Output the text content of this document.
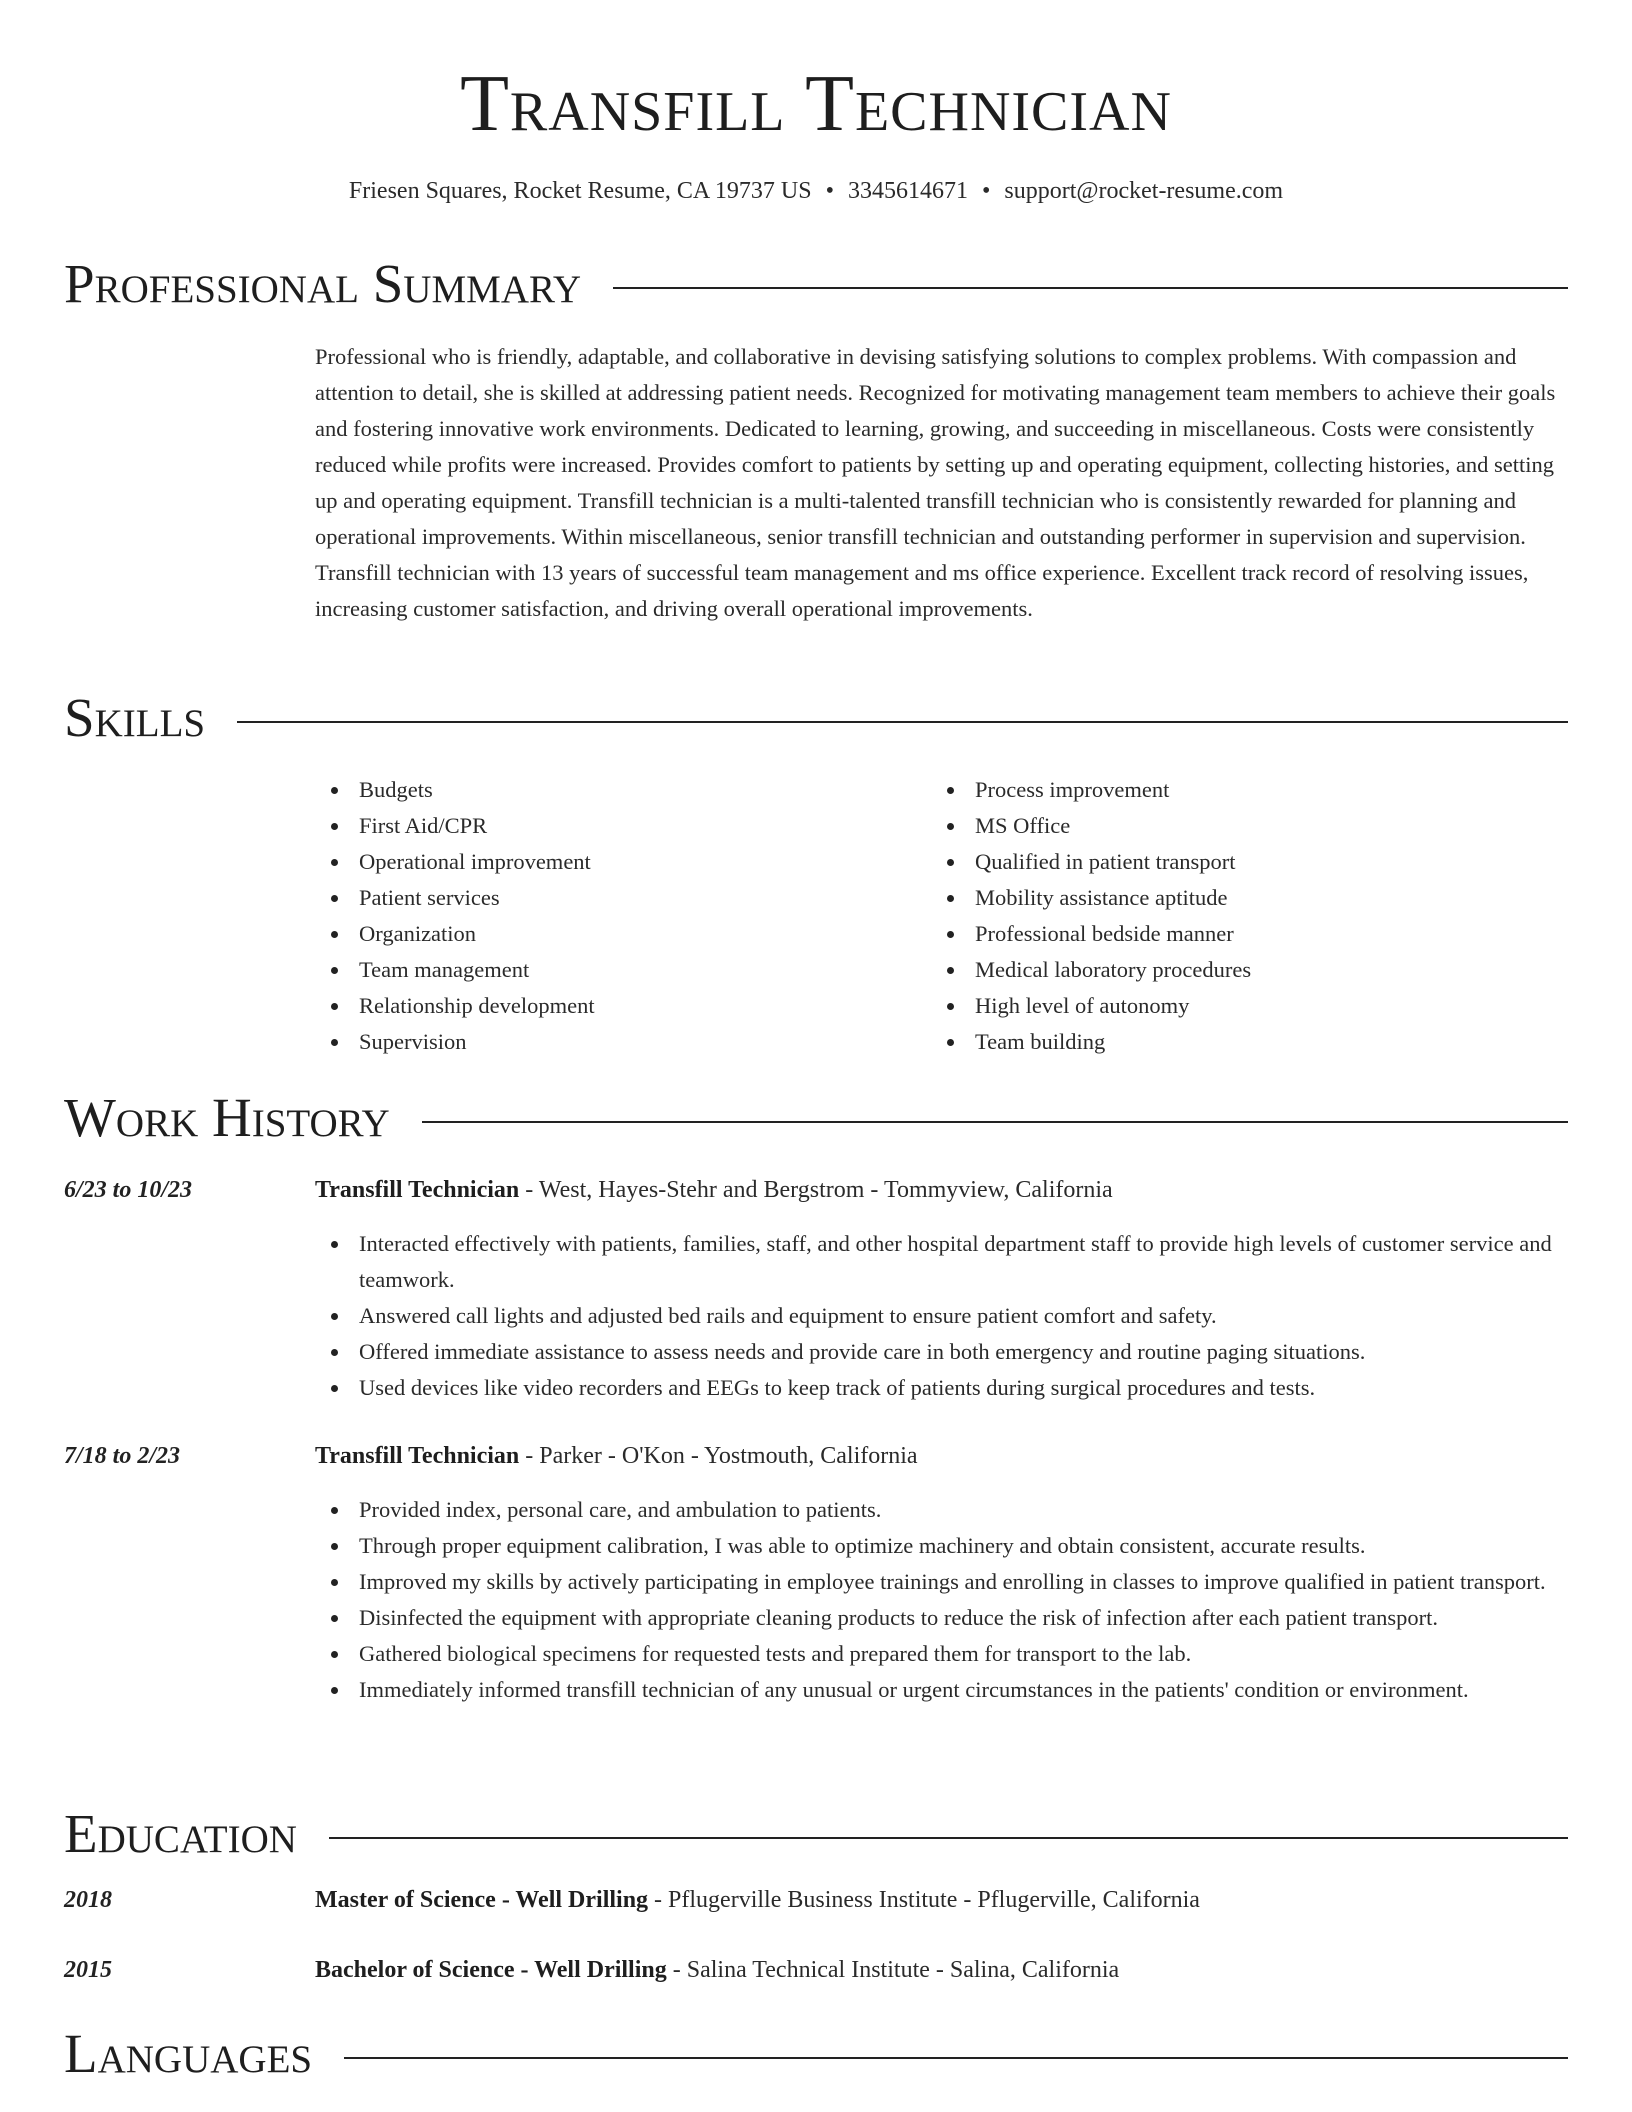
Transfill Technician
Friesen Squares, Rocket Resume, CA 19737 US • 3345614671 • support@rocket-resume.com
Professional Summary

Professional who is friendly, adaptable, and collaborative in devising satisfying solutions to complex problems. With compassion and attention to detail, she is skilled at addressing patient needs. Recognized for motivating management team members to achieve their goals and fostering innovative work environments. Dedicated to learning, growing, and succeeding in miscellaneous. Costs were consistently reduced while profits were increased. Provides comfort to patients by setting up and operating equipment, collecting histories, and setting up and operating equipment. Transfill technician is a multi-talented transfill technician who is consistently rewarded for planning and operational improvements. Within miscellaneous, senior transfill technician and outstanding performer in supervision and supervision. Transfill technician with 13 years of successful team management and ms office experience. Excellent track record of resolving issues, increasing customer satisfaction, and driving overall operational improvements.

Skills
Budgets
First Aid/CPR
Operational improvement
Patient services
Organization
Team management
Relationship development
Supervision
Process improvement
MS Office
Qualified in patient transport
Mobility assistance aptitude
Professional bedside manner
Medical laboratory procedures
High level of autonomy
Team building
Work History
6/23 to 10/23	Transfill Technician - West, Hayes-Stehr and Bergstrom - Tommyview, California
Interacted effectively with patients, families, staff, and other hospital department staff to provide high levels of customer service and teamwork.
Answered call lights and adjusted bed rails and equipment to ensure patient comfort and safety.
Offered immediate assistance to assess needs and provide care in both emergency and routine paging situations.
Used devices like video recorders and EEGs to keep track of patients during surgical procedures and tests.
7/18 to 2/23	Transfill Technician - Parker - O'Kon - Yostmouth, California
Provided index, personal care, and ambulation to patients.
Through proper equipment calibration, I was able to optimize machinery and obtain consistent, accurate results.
Improved my skills by actively participating in employee trainings and enrolling in classes to improve qualified in patient transport.
Disinfected the equipment with appropriate cleaning products to reduce the risk of infection after each patient transport.
Gathered biological specimens for requested tests and prepared them for transport to the lab.
Immediately informed transfill technician of any unusual or urgent circumstances in the patients' condition or environment.
Education
2018	Master of Science - Well Drilling - Pflugerville Business Institute - Pflugerville, California
2015	Bachelor of Science - Well Drilling - Salina Technical Institute - Salina, California
Languages
